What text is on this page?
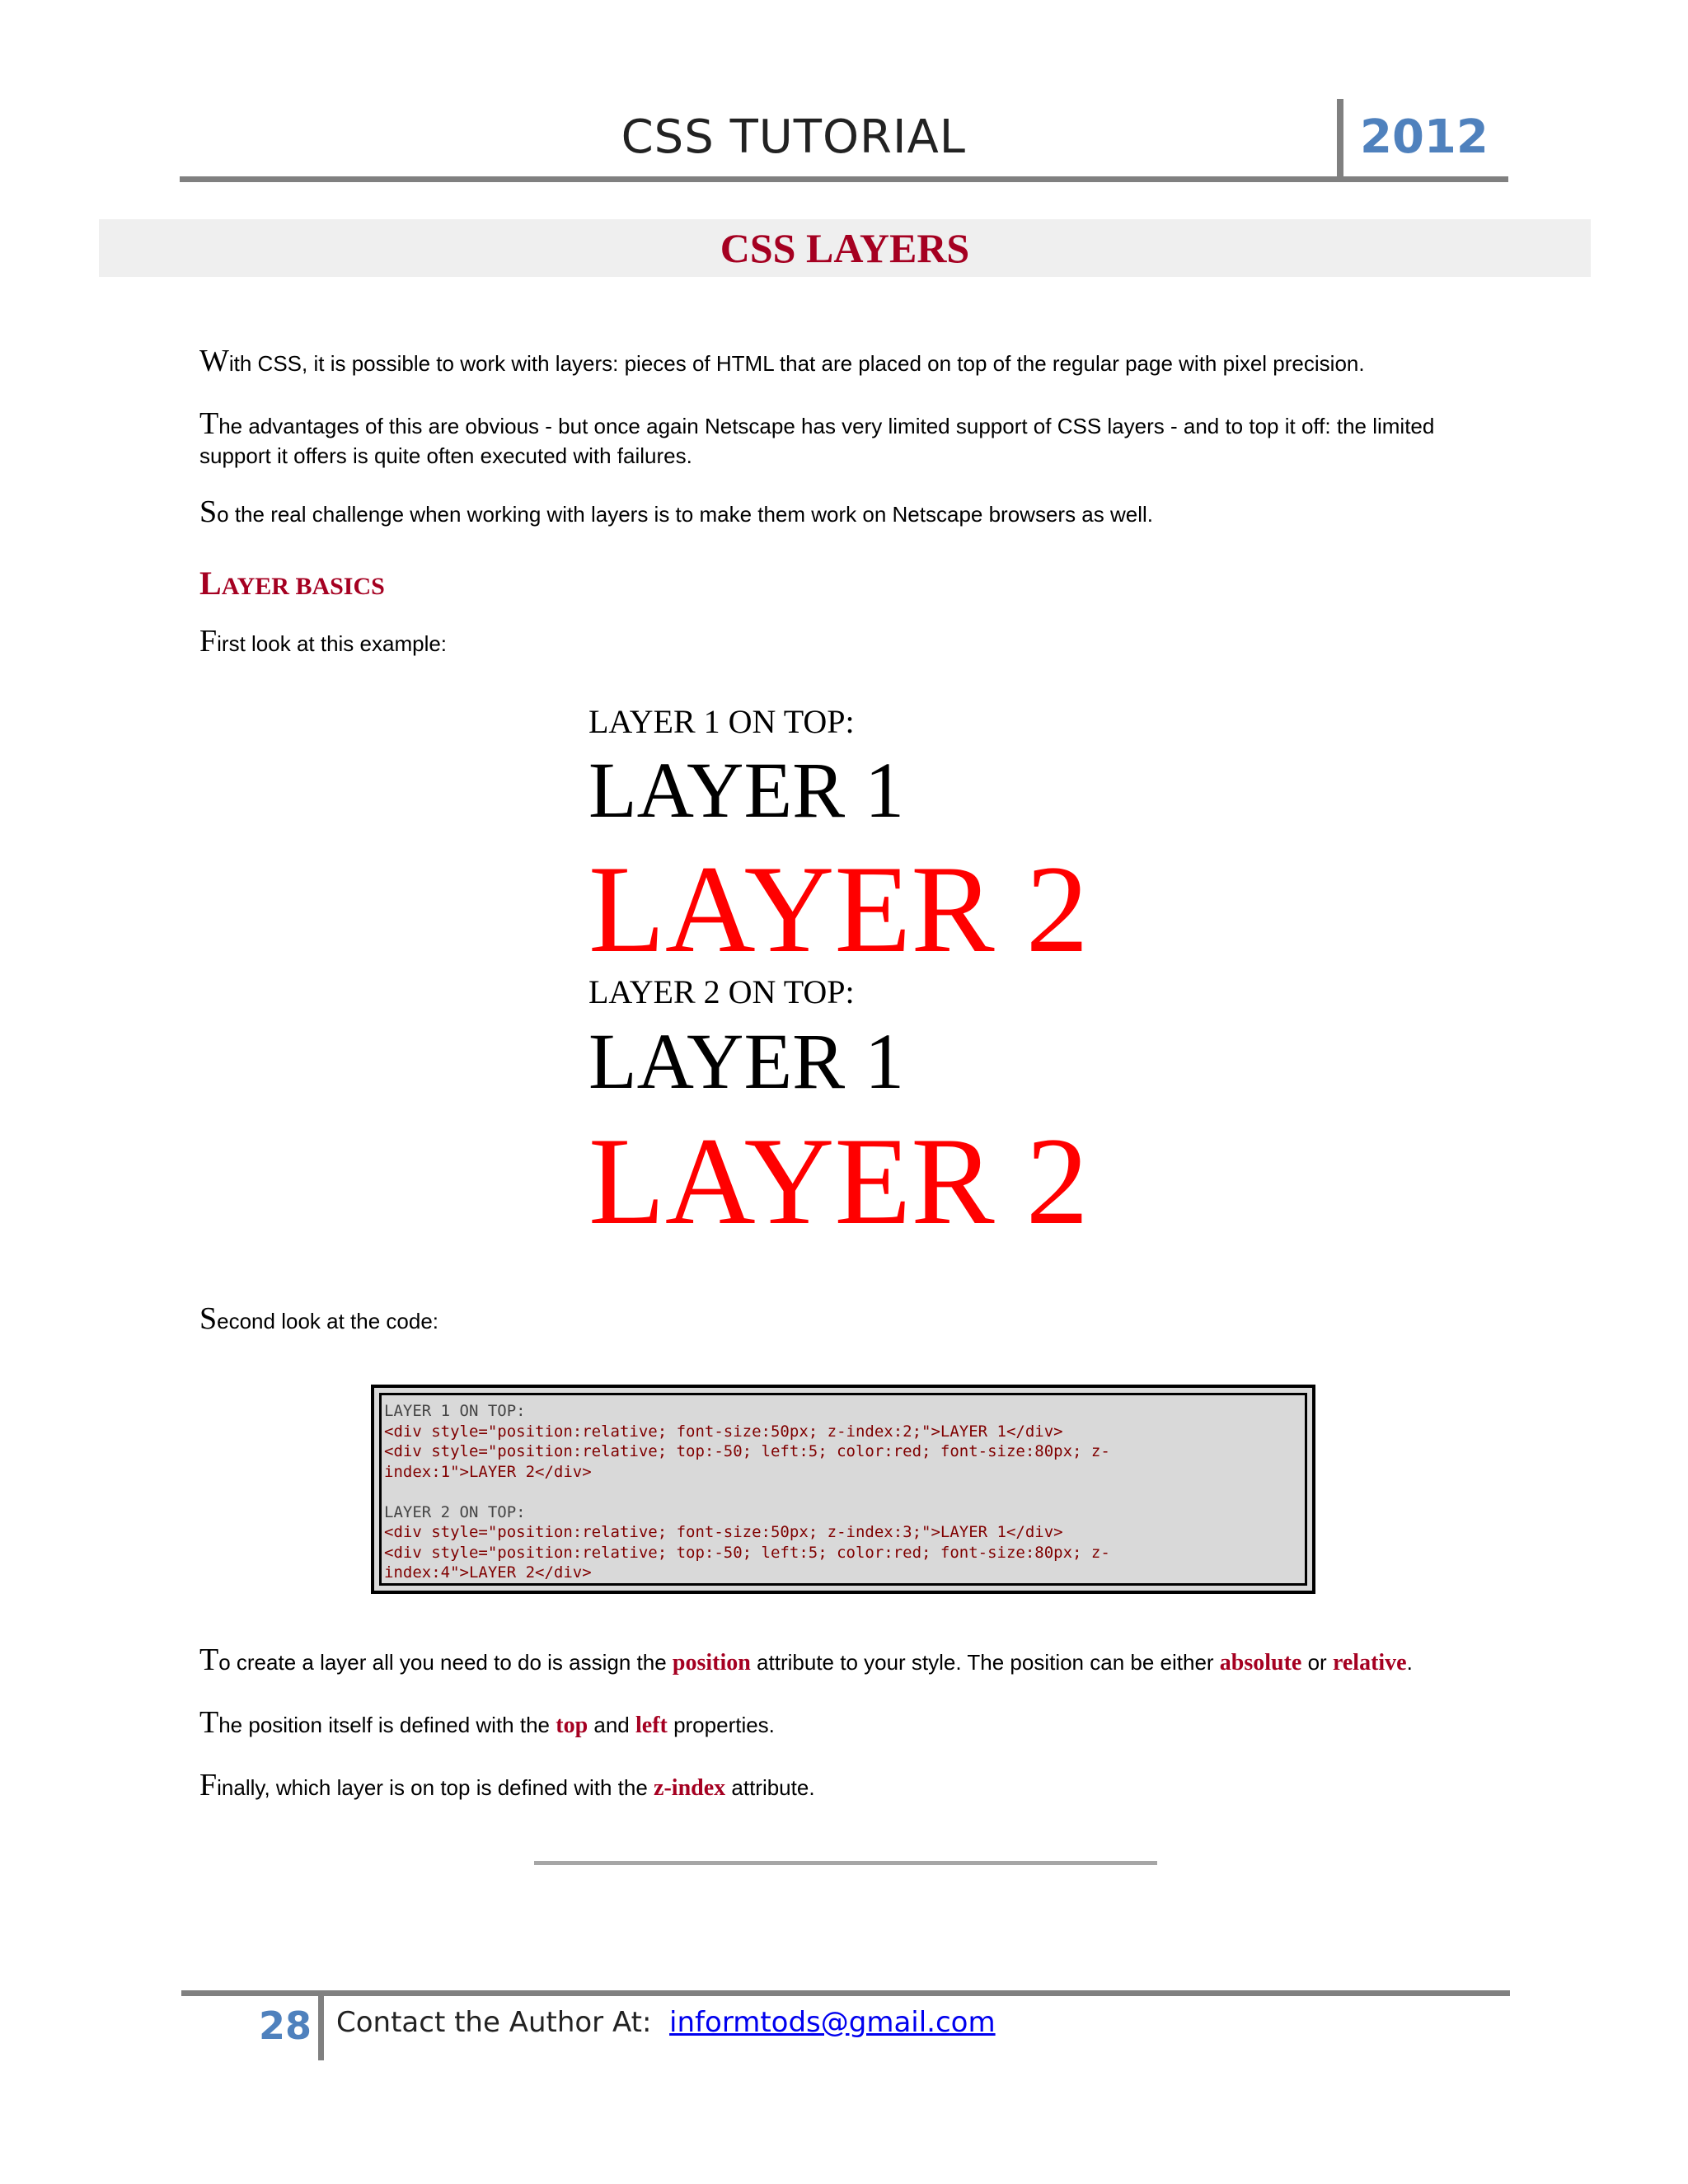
CSS TUTORIAL	2012
CSS LAYERS
With CSS, it is possible to work with layers: pieces of HTML that are placed on top of the regular page with pixel precision.
The advantages of this are obvious - but once again Netscape has very limited support of CSS layers - and to top it off: the limited support it offers is quite often executed with failures.
So the real challenge when working with layers is to make them work on Netscape browsers as well.
LAYER BASICS
First look at this example:
LAYER 1 ON TOP:
LAYER 1
LAYER 2
LAYER 2 ON TOP:
LAYER 1
LAYER 2
Second look at the code:
LAYER 1 ON TOP:
<div style="position:relative; font-size:50px; z-index:2;">LAYER 1</div>
<div style="position:relative; top:-50; left:5; color:red; font-size:80px; z-
index:1">LAYER 2</div>
LAYER 2 ON TOP:
<div style="position:relative; font-size:50px; z-index:3;">LAYER 1</div>
<div style="position:relative; top:-50; left:5; color:red; font-size:80px; z-
index:4">LAYER 2</div>
To create a layer all you need to do is assign the position attribute to your style. The position can be either absolute or relative.
The position itself is defined with the top and left properties.
Finally, which layer is on top is defined with the z-index attribute.
28 Contact the Author At: informtods@gmail.com
